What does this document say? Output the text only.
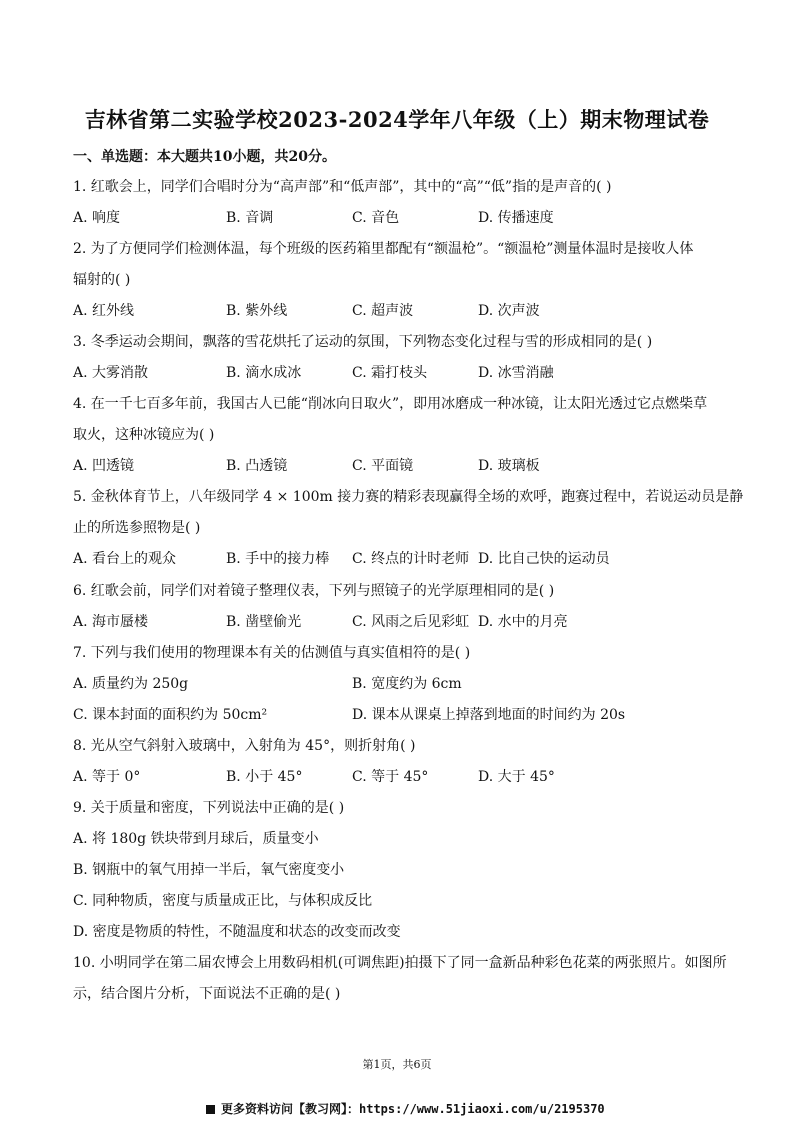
吉林省第二实验学校2023-2024学年八年级（上）期末物理试卷
一、单选题：本大题共10小题，共20分。
1. 红歌会上，同学们合唱时分为“高声部”和“低声部”，其中的“高”“低”指的是声音的( )
A. 响度	B. 音调	C. 音色	D. 传播速度
2. 为了方便同学们检测体温，每个班级的医药箱里都配有“额温枪”。“额温枪”测量体温时是接收人体
辐射的( )
A. 红外线	B. 紫外线	C. 超声波	D. 次声波
3. 冬季运动会期间，飘落的雪花烘托了运动的氛围，下列物态变化过程与雪的形成相同的是( )
A. 大雾消散	B. 滴水成冰	C. 霜打枝头	D. 冰雪消融
4. 在一千七百多年前，我国古人已能“削冰向日取火”，即用冰磨成一种冰镜，让太阳光透过它点燃柴草
取火，这种冰镜应为( )
A. 凹透镜	B. 凸透镜	C. 平面镜	D. 玻璃板
5. 金秋体育节上，八年级同学 4 × 100m 接力赛的精彩表现赢得全场的欢呼，跑赛过程中，若说运动员是静
止的所选参照物是( )
A. 看台上的观众	B. 手中的接力棒 C. 终点的计时老师 D. 比自己快的运动员
6. 红歌会前，同学们对着镜子整理仪表，下列与照镜子的光学原理相同的是( )
A. 海市蜃楼	B. 凿壁偷光	C. 风雨之后见彩虹 D. 水中的月亮
7. 下列与我们使用的物理课本有关的估测值与真实值相符的是( )
A. 质量约为 250g	B. 宽度约为 6cm
C. 课本封面的面积约为 50cm²	D. 课本从课桌上掉落到地面的时间约为 20s
8. 光从空气斜射入玻璃中，入射角为 45°，则折射角( )
A. 等于 0°	B. 小于 45°	C. 等于 45°	D. 大于 45°
9. 关于质量和密度，下列说法中正确的是( )
A. 将 180g 铁块带到月球后，质量变小
B. 钢瓶中的氧气用掉一半后，氧气密度变小
C. 同种物质，密度与质量成正比，与体积成反比
D. 密度是物质的特性，不随温度和状态的改变而改变
10. 小明同学在第二届农博会上用数码相机(可调焦距)拍摄下了同一盒新品种彩色花菜的两张照片。如图所
示，结合图片分析，下面说法不正确的是( )
第1页，共6页
更多资料访问【教习网】：https://www.51jiaoxi.com/u/2195370
